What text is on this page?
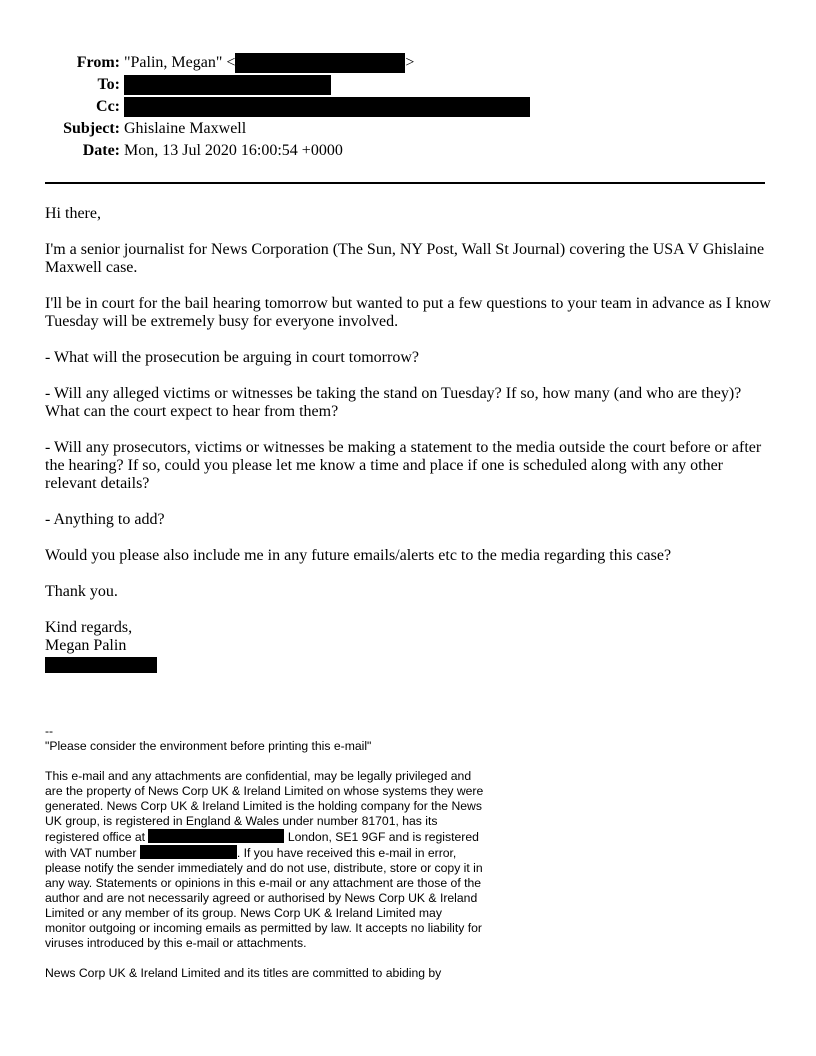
From: "Palin, Megan" <	>
To:
Cc:
Subject: Ghislaine Maxwell
Date: Mon, 13 Jul 2020 16:00:54 +0000

Hi there,

I'm a senior journalist for News Corporation (The Sun, NY Post, Wall St Journal) covering the USA V Ghislaine Maxwell case.

I'll be in court for the bail hearing tomorrow but wanted to put a few questions to your team in advance as I know Tuesday will be extremely busy for everyone involved.

- What will the prosecution be arguing in court tomorrow?

- Will any alleged victims or witnesses be taking the stand on Tuesday? If so, how many (and who are they)? What can the court expect to hear from them?

- Will any prosecutors, victims or witnesses be making a statement to the media outside the court before or after the hearing? If so, could you please let me know a time and place if one is scheduled along with any other relevant details?

- Anything to add?

Would you please also include me in any future emails/alerts etc to the media regarding this case?

Thank you.

Kind regards,
Megan Palin
--

"Please consider the environment before printing this e-mail"

This e-mail and any attachments are confidential, may be legally privileged and are the property of News Corp UK & Ireland Limited on whose systems they were generated. News Corp UK & Ireland Limited is the holding company for the News UK group, is registered in England & Wales under number 81701, has its registered office at	London, SE1 9GF and is registered with VAT number	. If you have received this e-mail in error, please notify the sender immediately and do not use, distribute, store or copy it in any way. Statements or opinions in this e-mail or any attachment are those of the author and are not necessarily agreed or authorised by News Corp UK & Ireland Limited or any member of its group. News Corp UK & Ireland Limited may monitor outgoing or incoming emails as permitted by law. It accepts no liability for viruses introduced by this e-mail or attachments.

News Corp UK & Ireland Limited and its titles are committed to abiding by
